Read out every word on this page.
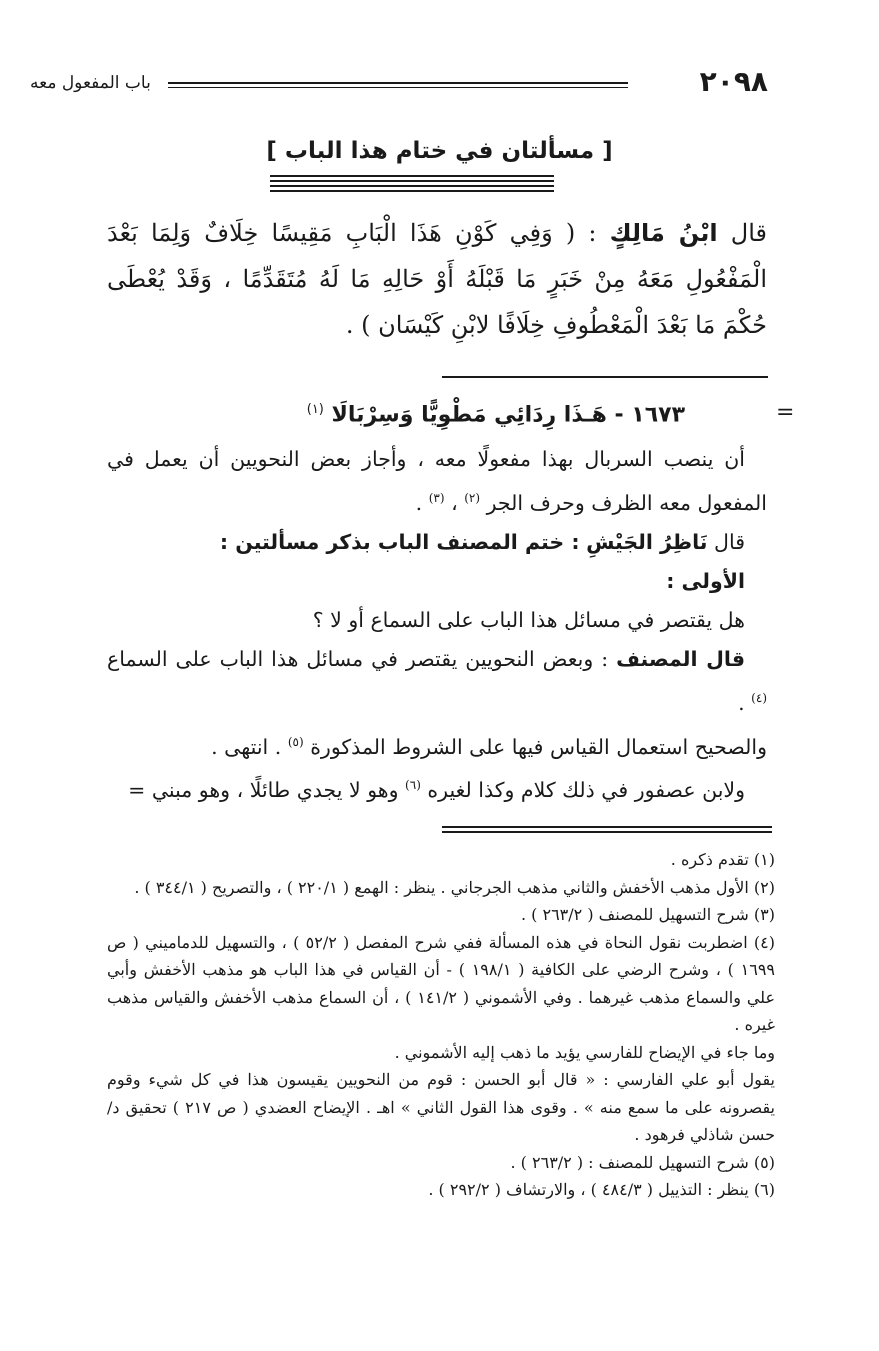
٢٠٩٨
باب المفعول معه
[ مسألتان في ختام هذا الباب ]
قال ابْنُ مَالِكٍ : ( وَفِي كَوْنِ هَذَا الْبَابِ مَقِيسًا خِلَافٌ وَلِمَا بَعْدَ الْمَفْعُولِ مَعَهُ مِنْ خَبَرٍ مَا قَبْلَهُ أَوْ حَالِهِ مَا لَهُ مُتَقَدِّمًا ، وَقَدْ يُعْطَى حُكْمَ مَا بَعْدَ الْمَعْطُوفِ خِلَافًا لابْنِ كَيْسَان ) .
=
١٦٧٣ - هَـذَا رِدَائِي مَطْوِيًّا وَسِرْبَالَا $^{(١)}$

أن ينصب السربال بهذا مفعولًا معه ، وأجاز بعض النحويين أن يعمل في المفعول معه الظرف وحرف الجر $^{(٢)}$ ، $^{(٣)}$ .

قال نَاظِرُ الجَيْشِ : ختم المصنف الباب بذكر مسألتين :

الأولى :

هل يقتصر في مسائل هذا الباب على السماع أو لا ؟

قال المصنف : وبعض النحويين يقتصر في مسائل هذا الباب على السماع $^{(٤)}$ .

والصحيح استعمال القياس فيها على الشروط المذكورة $^{(٥)}$ . انتهى .

ولابن عصفور في ذلك كلام وكذا لغيره $^{(٦)}$ وهو لا يجدي طائلًا ، وهو مبني =

(١) تقدم ذكره .

(٢) الأول مذهب الأخفش والثاني مذهب الجرجاني . ينظر : الهمع ( ٢٢٠/١ ) ، والتصريح ( ٣٤٤/١ ) .

(٣) شرح التسهيل للمصنف ( ٢٦٣/٢ ) .

(٤) اضطربت نقول النحاة في هذه المسألة ففي شرح المفصل ( ٥٢/٢ ) ، والتسهيل للدماميني ( ص ١٦٩٩ ) ، وشرح الرضي على الكافية ( ١٩٨/١ ) - أن القياس في هذا الباب هو مذهب الأخفش وأبي علي والسماع مذهب غيرهما . وفي الأشموني ( ١٤١/٢ ) ، أن السماع مذهب الأخفش والقياس مذهب غيره .

وما جاء في الإيضاح للفارسي يؤيد ما ذهب إليه الأشموني .

يقول أبو علي الفارسي : « قال أبو الحسن : قوم من النحويين يقيسون هذا في كل شيء وقوم يقصرونه على ما سمع منه » . وقوى هذا القول الثاني » اهـ . الإيضاح العضدي ( ص ٢١٧ ) تحقيق د/ حسن شاذلي فرهود .

(٥) شرح التسهيل للمصنف : ( ٢٦٣/٢ ) .

(٦) ينظر : التذييل ( ٤٨٤/٣ ) ، والارتشاف ( ٢٩٢/٢ ) .
